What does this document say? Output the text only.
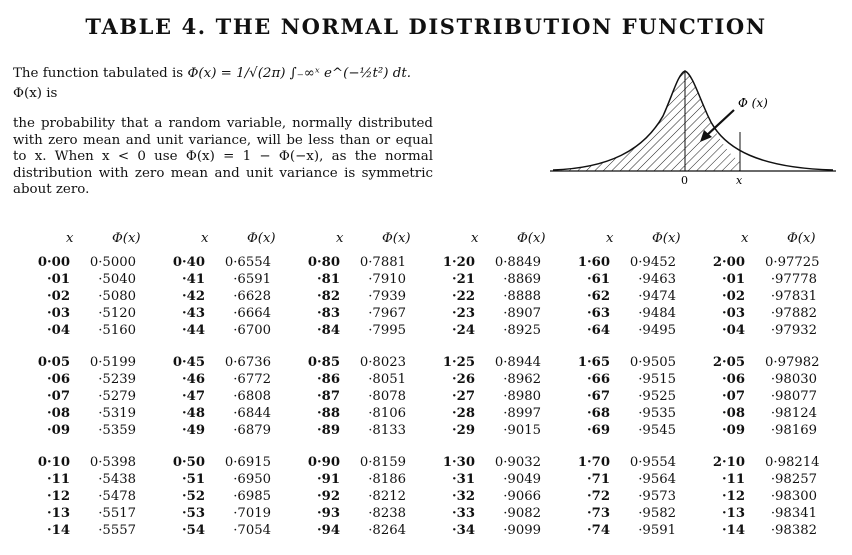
TABLE 4. THE NORMAL DISTRIBUTION FUNCTION

The function tabulated is Φ(x) = 1/√(2π) ∫₋∞ˣ e^(−½t²) dt. Φ(x) is

the probability that a random variable, normally distributed with zero mean and unit variance, will be less than or equal to x. When x < 0 use Φ(x) = 1 − Φ(−x), as the normal distribution with zero mean and unit variance is symmetric about zero.

Φ (x)
0	x
x	Φ(x)
0·00	0·5000
·01	·5040
·02	·5080
·03	·5120
·04	·5160
0·05	0·5199
·06	·5239
·07	·5279
·08	·5319
·09	·5359
0·10	0·5398
·11	·5438
·12	·5478
·13	·5517
·14	·5557
x	Φ(x)
0·40	0·6554
·41	·6591
·42	·6628
·43	·6664
·44	·6700
0·45	0·6736
·46	·6772
·47	·6808
·48	·6844
·49	·6879
0·50	0·6915
·51	·6950
·52	·6985
·53	·7019
·54	·7054
x	Φ(x)
0·80	0·7881
·81	·7910
·82	·7939
·83	·7967
·84	·7995
0·85	0·8023
·86	·8051
·87	·8078
·88	·8106
·89	·8133
0·90	0·8159
·91	·8186
·92	·8212
·93	·8238
·94	·8264
x	Φ(x)
1·20	0·8849
·21	·8869
·22	·8888
·23	·8907
·24	·8925
1·25	0·8944
·26	·8962
·27	·8980
·28	·8997
·29	·9015
1·30	0·9032
·31	·9049
·32	·9066
·33	·9082
·34	·9099
x	Φ(x)
1·60	0·9452
·61	·9463
·62	·9474
·63	·9484
·64	·9495
1·65	0·9505
·66	·9515
·67	·9525
·68	·9535
·69	·9545
1·70	0·9554
·71	·9564
·72	·9573
·73	·9582
·74	·9591
x	Φ(x)
2·00 0·97725
·01	·97778
·02	·97831
·03	·97882
·04	·97932
2·05 0·97982
·06	·98030
·07	·98077
·08	·98124
·09	·98169
2·10 0·98214
·11	·98257
·12	·98300
·13	·98341
·14	·98382
